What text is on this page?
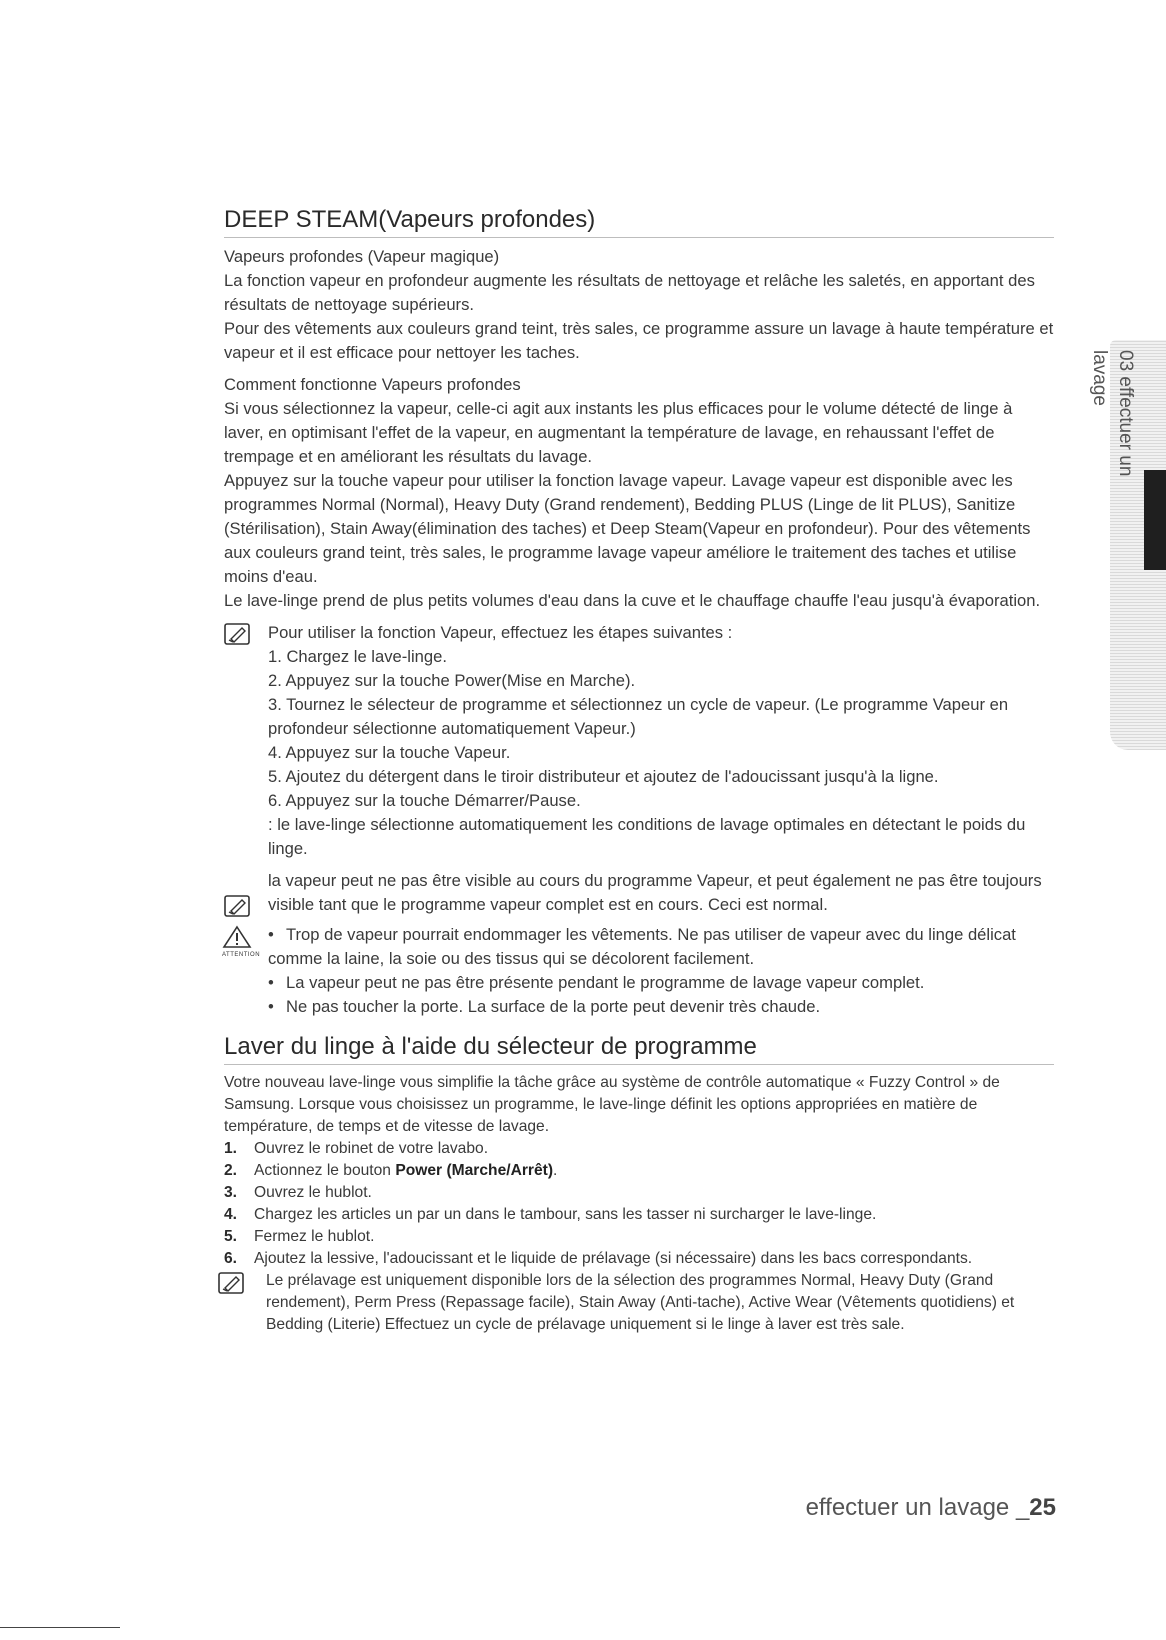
03 effectuer un lavage
DEEP STEAM(Vapeurs profondes)

Vapeurs profondes (Vapeur magique)

La fonction vapeur en profondeur augmente les résultats de nettoyage et relâche les saletés, en apportant des résultats de nettoyage supérieurs.

Pour des vêtements aux couleurs grand teint, très sales, ce programme assure un lavage à haute température et vapeur et il est efficace pour nettoyer les taches.

Comment fonctionne Vapeurs profondes

Si vous sélectionnez la vapeur, celle-ci agit aux instants les plus efficaces pour le volume détecté de linge à laver, en optimisant l'effet de la vapeur, en augmentant la température de lavage, en rehaussant l'effet de trempage et en améliorant les résultats du lavage.

Appuyez sur la touche vapeur pour utiliser la fonction lavage vapeur. Lavage vapeur est disponible avec les programmes Normal (Normal), Heavy Duty (Grand rendement), Bedding PLUS (Linge de lit PLUS), Sanitize (Stérilisation), Stain Away(élimination des taches) et Deep Steam(Vapeur en profondeur). Pour des vêtements aux couleurs grand teint, très sales, le programme lavage vapeur améliore le traitement des taches et utilise moins d'eau.

Le lave-linge prend de plus petits volumes d'eau dans la cuve et le chauffage chauffe l'eau jusqu'à évaporation.

Pour utiliser la fonction Vapeur, effectuez les étapes suivantes :

1. Chargez le lave-linge.
2. Appuyez sur la touche Power(Mise en Marche).
3. Tournez le sélecteur de programme et sélectionnez un cycle de vapeur. (Le programme Vapeur en profondeur sélectionne automatiquement Vapeur.)
4. Appuyez sur la touche Vapeur.
5. Ajoutez du détergent dans le tiroir distributeur et ajoutez de l'adoucissant jusqu'à la ligne.
6. Appuyez sur la touche Démarrer/Pause.
: le lave-linge sélectionne automatiquement les conditions de lavage optimales en détectant le poids du linge.

la vapeur peut ne pas être visible au cours du programme Vapeur, et peut également ne pas être toujours visible tant que le programme vapeur complet est en cours. Ceci est normal.

ATTENTION
• Trop de vapeur pourrait endommager les vêtements. Ne pas utiliser de vapeur avec du linge délicat comme la laine, la soie ou des tissus qui se décolorent facilement.
• La vapeur peut ne pas être présente pendant le programme de lavage vapeur complet.
• Ne pas toucher la porte. La surface de la porte peut devenir très chaude.
Laver du linge à l'aide du sélecteur de programme

Votre nouveau lave-linge vous simplifie la tâche grâce au système de contrôle automatique « Fuzzy Control » de Samsung. Lorsque vous choisissez un programme, le lave-linge définit les options appropriées en matière de température, de temps et de vitesse de lavage.

1. Ouvrez le robinet de votre lavabo.
2. Actionnez le bouton Power (Marche/Arrêt).
3. Ouvrez le hublot.
4. Chargez les articles un par un dans le tambour, sans les tasser ni surcharger le lave-linge.
5. Fermez le hublot.
6. Ajoutez la lessive, l'adoucissant et le liquide de prélavage (si nécessaire) dans les bacs correspondants.

Le prélavage est uniquement disponible lors de la sélection des programmes Normal, Heavy Duty (Grand rendement), Perm Press (Repassage facile), Stain Away (Anti-tache), Active Wear (Vêtements quotidiens) et Bedding (Literie) Effectuez un cycle de prélavage uniquement si le linge à laver est très sale.

effectuer un lavage _25
